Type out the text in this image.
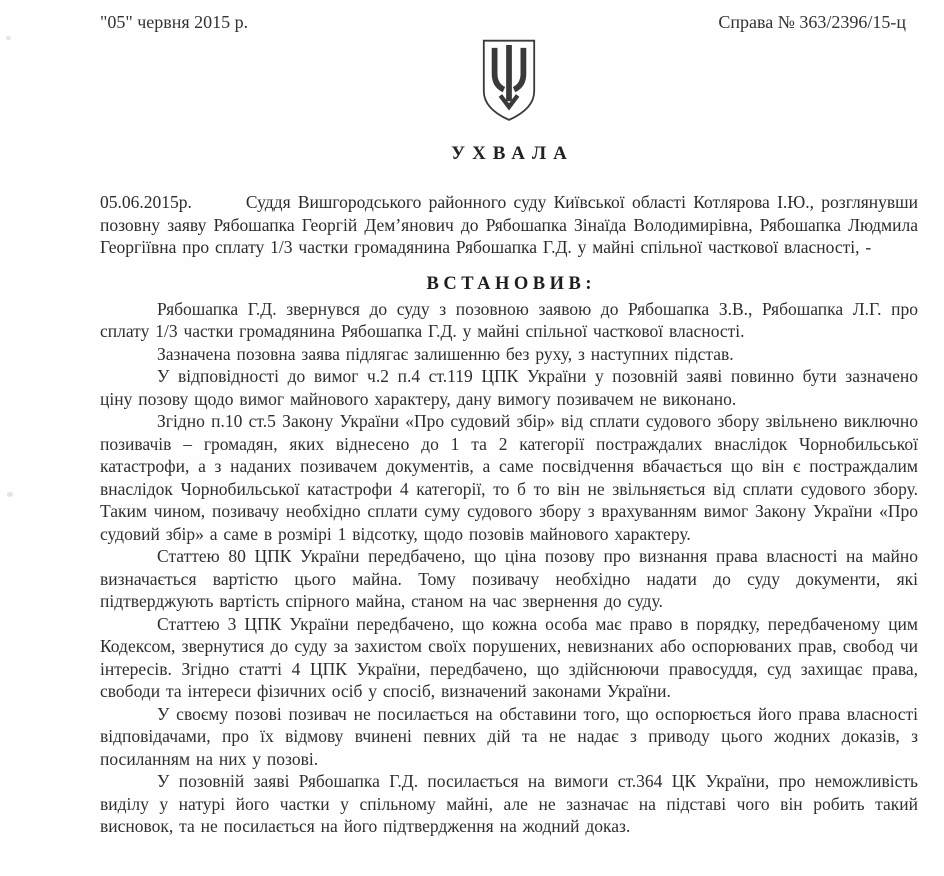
"05" червня 2015 р.	Справа № 363/2396/15-ц
УХВАЛА

05.06.2015р.	Суддя Вишгородського районного суду Київської області Котлярова І.Ю., розглянувши позовну заяву Рябошапка Георгій Дем’янович до Рябошапка Зінаїда Володимирівна, Рябошапка Людмила Георгіївна про сплату 1/3 частки громадянина Рябошапка Г.Д. у майні спільної часткової власності, -

ВСТАНОВИВ:

Рябошапка Г.Д. звернувся до суду з позовною заявою до Рябошапка З.В., Рябошапка Л.Г. про сплату 1/3 частки громадянина Рябошапка Г.Д. у майні спільної часткової власності.

Зазначена позовна заява підлягає залишенню без руху, з наступних підстав.

У відповідності до вимог ч.2 п.4 ст.119 ЦПК України у позовній заяві повинно бути зазначено ціну позову щодо вимог майнового характеру, дану вимогу позивачем не виконано.

Згідно п.10 ст.5 Закону України «Про судовий збір» від сплати судового збору звільнено виключно позивачів – громадян, яких віднесено до 1 та 2 категорії постраждалих внаслідок Чорнобильської катастрофи, а з наданих позивачем документів, а саме посвідчення вбачається що він є постраждалим внаслідок Чорнобильської катастрофи 4 категорії, то б то він не звільняється від сплати судового збору. Таким чином, позивачу необхідно сплати суму судового збору з врахуванням вимог Закону України «Про судовий збір» а саме в розмірі 1 відсотку, щодо позовів майнового характеру.

Статтею 80 ЦПК України передбачено, що ціна позову про визнання права власності на майно визначається вартістю цього майна. Тому позивачу необхідно надати до суду документи, які підтверджують вартість спірного майна, станом на час звернення до суду.

Статтею 3 ЦПК України передбачено, що кожна особа має право в порядку, передбаченому цим Кодексом, звернутися до суду за захистом своїх порушених, невизнаних або оспорюваних прав, свобод чи інтересів. Згідно статті 4 ЦПК України, передбачено, що здійснюючи правосуддя, суд захищає права, свободи та інтереси фізичних осіб у спосіб, визначений законами України.

У своєму позові позивач не посилається на обставини того, що оспорюється його права власності відповідачами, про їх відмову вчинені певних дій та не надає з приводу цього жодних доказів, з посиланням на них у позові.

У позовній заяві Рябошапка Г.Д. посилається на вимоги ст.364 ЦК України, про неможливість виділу у натурі його частки у спільному майні, але не зазначає на підставі чого він робить такий висновок, та не посилається на його підтвердження на жодний доказ.
